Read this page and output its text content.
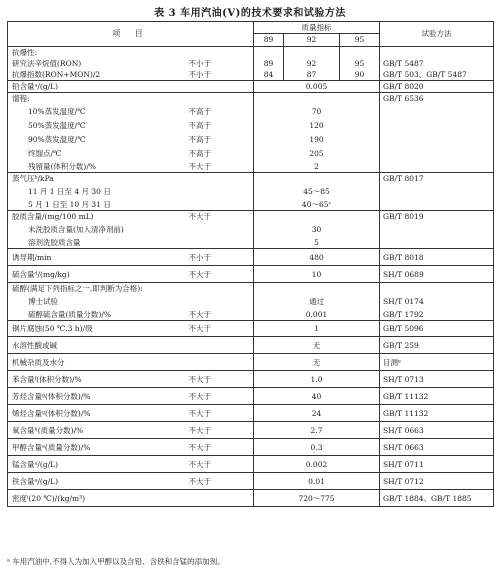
表 3 车用汽油(Ⅴ)的技术要求和试验方法
项 目		质量指标			试验方法
		89	92	95	
抗爆性:					
研究法辛烷值(RON)	不小于	89	92	95	GB/T 5487
抗爆指数(RON+MON)/2	不小于	84	87	90	GB/T 503、GB/T 5487
铅含量ᵃ/(g/L)		0.005			GB/T 8020
馏程:					GB/T 6536
10%蒸发温度/℃	不高于	70			
50%蒸发温度/℃	不高于	120			
90%蒸发温度/℃	不高于	190			
终馏点/℃	不高于	205			
残留量(体积分数)/%	不大于	2			
蒸气压ᵇ/kPa					GB/T 8017
11 月 1 日至 4 月 30 日		45～85			
5 月 1 日至 10 月 31 日		40～65ᶜ			
胶质含量/(mg/100 mL)	不大于				GB/T 8019
未洗胶质含量(加入清净剂前)		30			
溶剂洗胶质含量		5			
诱导期/min	不小于	480			GB/T 8018
硫含量ᵈ/(mg/kg)	不大于	10			SH/T 0689
硫醇(满足下列指标之一,即判断为合格):					
博士试验		通过			SH/T 0174
硫醇硫含量(质量分数)/%	不大于	0.001			GB/T 1792
铜片腐蚀(50 ℃,3 h)/级	不大于	1			GB/T 5096
水溶性酸或碱		无			GB/T 259
机械杂质及水分		无			目测ᵉ
苯含量ᶠ(体积分数)/%	不大于	1.0			SH/T 0713
芳烃含量ᵍ(体积分数)/%	不大于	40			GB/T 11132
烯烃含量ᵍ(体积分数)/%	不大于	24			GB/T 11132
氧含量ʰ(质量分数)/%	不大于	2.7			SH/T 0663
甲醇含量ᵃ(质量分数)/%	不大于	0.3			SH/T 0663
锰含量ᵃ/(g/L)	不大于	0.002			SH/T 0711
铁含量ᵃ/(g/L)	不大于	0.01			SH/T 0712
密度ⁱ(20 ℃)/(kg/m³)		720～775			GB/T 1884、GB/T 1885
ᵃ 车用汽油中,不得人为加入甲醇以及含铅、含铁和含锰的添加剂。
